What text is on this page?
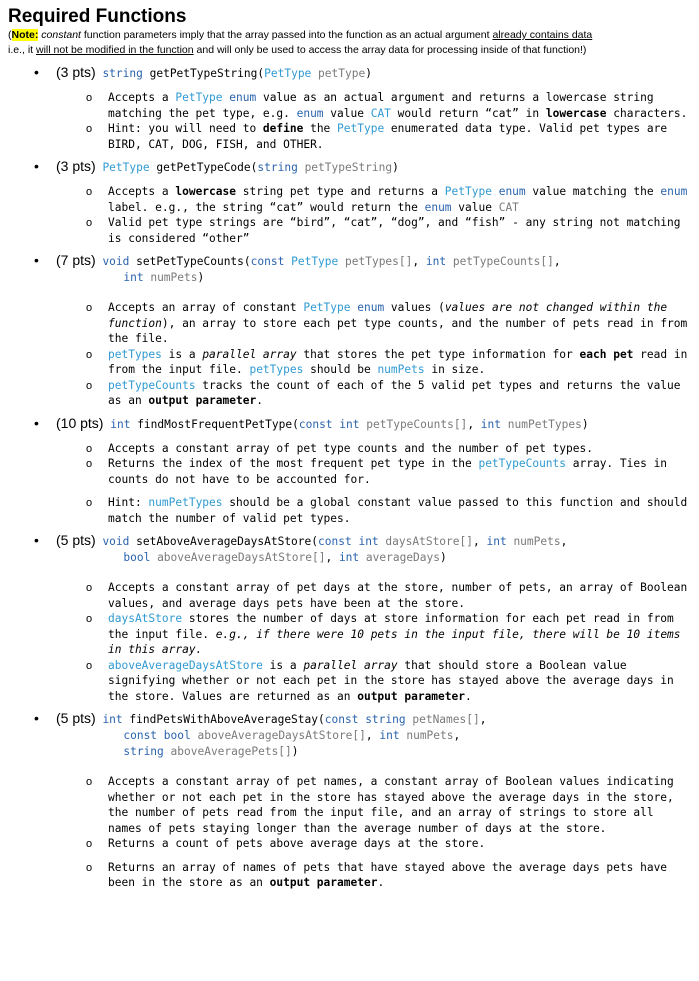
Required Functions
(Note: constant function parameters imply that the array passed into the function as an actual argument already contains data
i.e., it will not be modified in the function and will only be used to access the array data for processing inside of that function!)
• (3 pts) string getPetTypeString(PetType petType)
o Accepts a PetType enum value as an actual argument and returns a lowercase string matching the pet type, e.g. enum value CAT would return “cat” in lowercase characters.
o Hint: you will need to define the PetType enumerated data type. Valid pet types are BIRD, CAT, DOG, FISH, and OTHER.
• (3 pts) PetType getPetTypeCode(string petTypeString)
o Accepts a lowercase string pet type and returns a PetType enum value matching the enum label. e.g., the string “cat” would return the enum value CAT
o Valid pet type strings are “bird”, “cat”, “dog”, and “fish” - any string not matching is considered “other”
• (7 pts) void setPetTypeCounts(const PetType petTypes[], int petTypeCounts[],
int numPets)
o Accepts an array of constant PetType enum values (values are not changed within the function), an array to store each pet type counts, and the number of pets read in from the file.
o petTypes is a parallel array that stores the pet type information for each pet read in from the input file. petTypes should be numPets in size.
o petTypeCounts tracks the count of each of the 5 valid pet types and returns the value as an output parameter.
• (10 pts) int findMostFrequentPetType(const int petTypeCounts[], int numPetTypes)
o Accepts a constant array of pet type counts and the number of pet types.
o Returns the index of the most frequent pet type in the petTypeCounts array. Ties in counts do not have to be accounted for.
o Hint: numPetTypes should be a global constant value passed to this function and should match the number of valid pet types.
• (5 pts) void setAboveAverageDaysAtStore(const int daysAtStore[], int numPets,
bool aboveAverageDaysAtStore[], int averageDays)
o Accepts a constant array of pet days at the store, number of pets, an array of Boolean values, and average days pets have been at the store.
o daysAtStore stores the number of days at store information for each pet read in from the input file. e.g., if there were 10 pets in the input file, there will be 10 items in this array.
o aboveAverageDaysAtStore is a parallel array that should store a Boolean value signifying whether or not each pet in the store has stayed above the average days in the store. Values are returned as an output parameter.
• (5 pts) int findPetsWithAboveAverageStay(const string petNames[],
const bool aboveAverageDaysAtStore[], int numPets,
string aboveAveragePets[])
o Accepts a constant array of pet names, a constant array of Boolean values indicating whether or not each pet in the store has stayed above the average days in the store, the number of pets read from the input file, and an array of strings to store all names of pets staying longer than the average number of days at the store.
o Returns a count of pets above average days at the store.
o Returns an array of names of pets that have stayed above the average days pets have been in the store as an output parameter.
